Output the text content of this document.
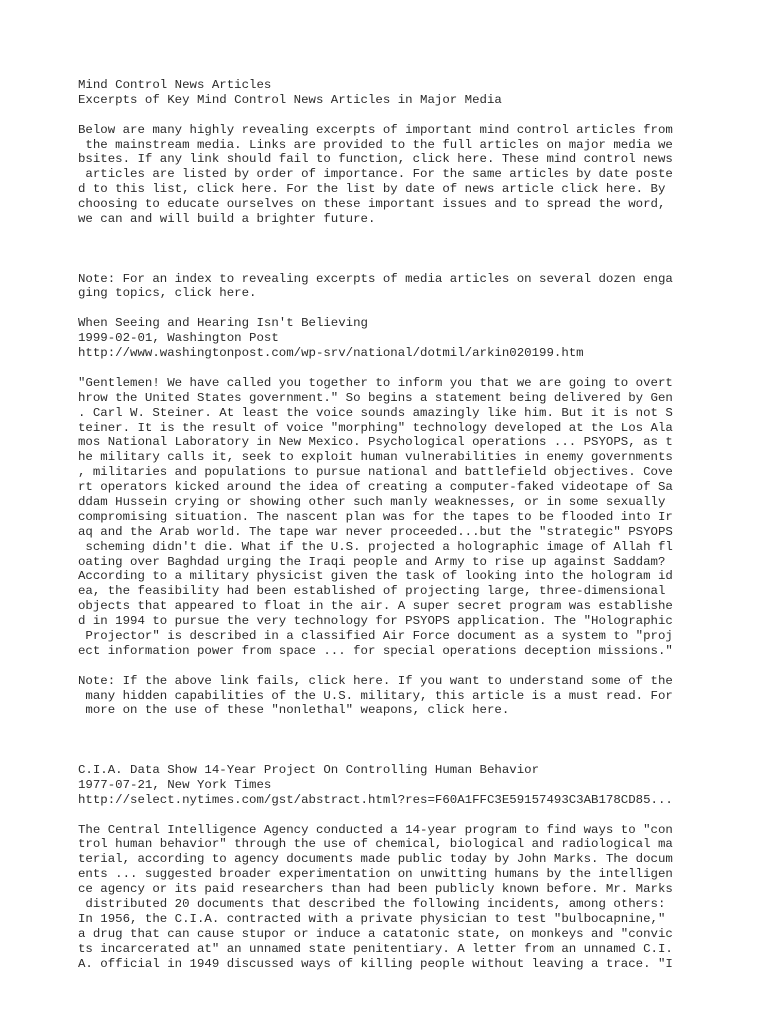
Mind Control News Articles
Excerpts of Key Mind Control News Articles in Major Media
Below are many highly revealing excerpts of important mind control articles from
the mainstream media. Links are provided to the full articles on major media we
bsites. If any link should fail to function, click here. These mind control news
articles are listed by order of importance. For the same articles by date poste
d to this list, click here. For the list by date of news article click here. By
choosing to educate ourselves on these important issues and to spread the word,
we can and will build a brighter future.
Note: For an index to revealing excerpts of media articles on several dozen enga
ging topics, click here.
When Seeing and Hearing Isn't Believing
1999-02-01, Washington Post
http://www.washingtonpost.com/wp-srv/national/dotmil/arkin020199.htm
"Gentlemen! We have called you together to inform you that we are going to overt
hrow the United States government." So begins a statement being delivered by Gen
. Carl W. Steiner. At least the voice sounds amazingly like him. But it is not S
teiner. It is the result of voice "morphing" technology developed at the Los Ala
mos National Laboratory in New Mexico. Psychological operations ... PSYOPS, as t
he military calls it, seek to exploit human vulnerabilities in enemy governments
, militaries and populations to pursue national and battlefield objectives. Cove
rt operators kicked around the idea of creating a computer-faked videotape of Sa
ddam Hussein crying or showing other such manly weaknesses, or in some sexually
compromising situation. The nascent plan was for the tapes to be flooded into Ir
aq and the Arab world. The tape war never proceeded...but the "strategic" PSYOPS
scheming didn't die. What if the U.S. projected a holographic image of Allah fl
oating over Baghdad urging the Iraqi people and Army to rise up against Saddam?
According to a military physicist given the task of looking into the hologram id
ea, the feasibility had been established of projecting large, three-dimensional
objects that appeared to float in the air. A super secret program was establishe
d in 1994 to pursue the very technology for PSYOPS application. The "Holographic
Projector" is described in a classified Air Force document as a system to "proj
ect information power from space ... for special operations deception missions."
Note: If the above link fails, click here. If you want to understand some of the
many hidden capabilities of the U.S. military, this article is a must read. For
more on the use of these "nonlethal" weapons, click here.
C.I.A. Data Show 14-Year Project On Controlling Human Behavior
1977-07-21, New York Times
http://select.nytimes.com/gst/abstract.html?res=F60A1FFC3E59157493C3AB178CD85...
The Central Intelligence Agency conducted a 14-year program to find ways to "con
trol human behavior" through the use of chemical, biological and radiological ma
terial, according to agency documents made public today by John Marks. The docum
ents ... suggested broader experimentation on unwitting humans by the intelligen
ce agency or its paid researchers than had been publicly known before. Mr. Marks
distributed 20 documents that described the following incidents, among others:
In 1956, the C.I.A. contracted with a private physician to test "bulbocapnine,"
a drug that can cause stupor or induce a catatonic state, on monkeys and "convic
ts incarcerated at" an unnamed state penitentiary. A letter from an unnamed C.I.
A. official in 1949 discussed ways of killing people without leaving a trace. "I
